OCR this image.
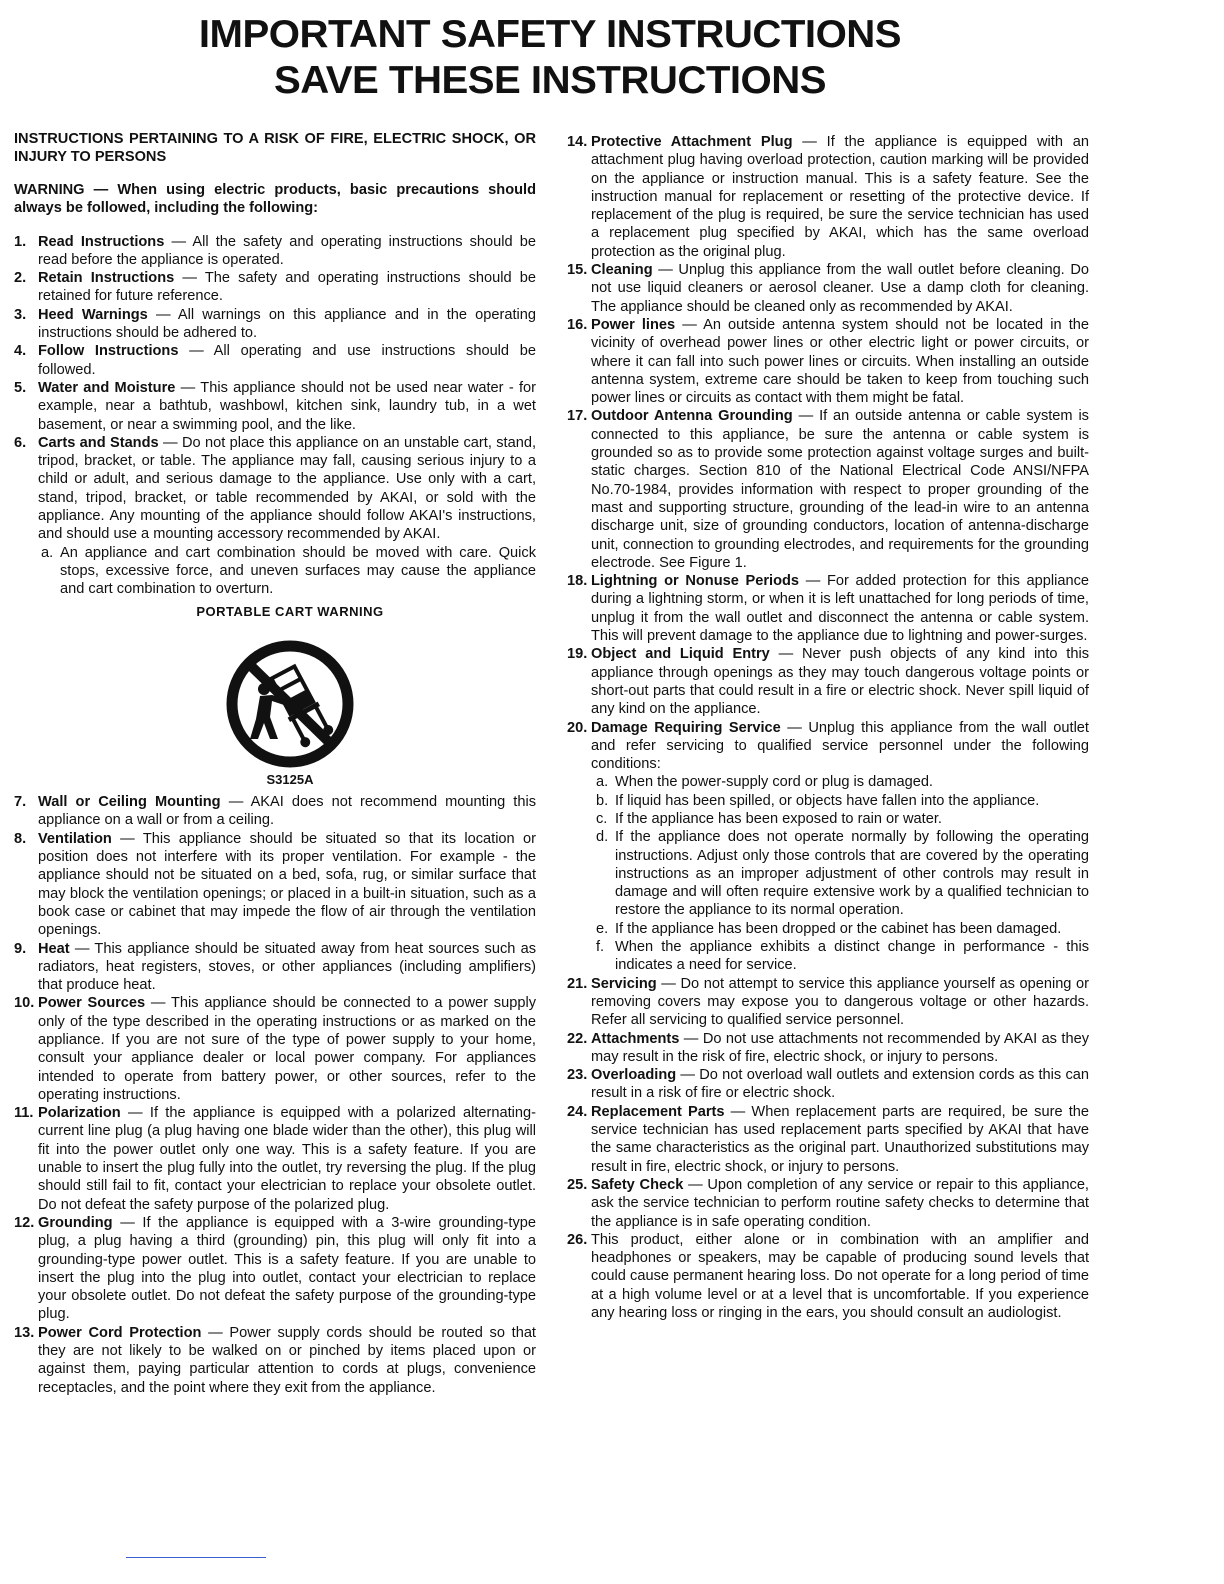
IMPORTANT SAFETY INSTRUCTIONS
SAVE THESE INSTRUCTIONS
INSTRUCTIONS PERTAINING TO A RISK OF FIRE, ELECTRIC SHOCK, OR INJURY TO PERSONS
WARNING — When using electric products, basic precautions should always be followed, including the following:
1. Read Instructions — All the safety and operating instructions should be read before the appliance is operated.
2. Retain Instructions — The safety and operating instructions should be retained for future reference.
3. Heed Warnings — All warnings on this appliance and in the operating instructions should be adhered to.
4. Follow Instructions — All operating and use instructions should be followed.
5. Water and Moisture — This appliance should not be used near water - for example, near a bathtub, washbowl, kitchen sink, laundry tub, in a wet basement, or near a swimming pool, and the like.
6. Carts and Stands — Do not place this appliance on an unstable cart, stand, tripod, bracket, or table. The appliance may fall, causing serious injury to a child or adult, and serious damage to the appliance. Use only with a cart, stand, tripod, bracket, or table recommended by AKAI, or sold with the appliance. Any mounting of the appliance should follow AKAI's instructions, and should use a mounting accessory recommended by AKAI.
a. An appliance and cart combination should be moved with care. Quick stops, excessive force, and uneven surfaces may cause the appliance and cart combination to overturn.
PORTABLE CART WARNING
S3125A
7. Wall or Ceiling Mounting — AKAI does not recommend mounting this appliance on a wall or from a ceiling.
8. Ventilation — This appliance should be situated so that its location or position does not interfere with its proper ventilation. For example - the appliance should not be situated on a bed, sofa, rug, or similar surface that may block the ventilation openings; or placed in a built-in situation, such as a book case or cabinet that may impede the flow of air through the ventilation openings.
9. Heat — This appliance should be situated away from heat sources such as radiators, heat registers, stoves, or other appliances (including amplifiers) that produce heat.
10. Power Sources — This appliance should be connected to a power supply only of the type described in the operating instructions or as marked on the appliance. If you are not sure of the type of power supply to your home, consult your appliance dealer or local power company. For appliances intended to operate from battery power, or other sources, refer to the operating instructions.
11. Polarization — If the appliance is equipped with a polarized alternating-current line plug (a plug having one blade wider than the other), this plug will fit into the power outlet only one way. This is a safety feature. If you are unable to insert the plug fully into the outlet, try reversing the plug. If the plug should still fail to fit, contact your electrician to replace your obsolete outlet. Do not defeat the safety purpose of the polarized plug.
12. Grounding — If the appliance is equipped with a 3-wire grounding-type plug, a plug having a third (grounding) pin, this plug will only fit into a grounding-type power outlet. This is a safety feature. If you are unable to insert the plug into the plug into outlet, contact your electrician to replace your obsolete outlet. Do not defeat the safety purpose of the grounding-type plug.
13. Power Cord Protection — Power supply cords should be routed so that they are not likely to be walked on or pinched by items placed upon or against them, paying particular attention to cords at plugs, convenience receptacles, and the point where they exit from the appliance.
14. Protective Attachment Plug — If the appliance is equipped with an attachment plug having overload protection, caution marking will be provided on the appliance or instruction manual. This is a safety feature. See the instruction manual for replacement or resetting of the protective device. If replacement of the plug is required, be sure the service technician has used a replacement plug specified by AKAI, which has the same overload protection as the original plug.
15. Cleaning — Unplug this appliance from the wall outlet before cleaning. Do not use liquid cleaners or aerosol cleaner. Use a damp cloth for cleaning. The appliance should be cleaned only as recommended by AKAI.
16. Power lines — An outside antenna system should not be located in the vicinity of overhead power lines or other electric light or power circuits, or where it can fall into such power lines or circuits. When installing an outside antenna system, extreme care should be taken to keep from touching such power lines or circuits as contact with them might be fatal.
17. Outdoor Antenna Grounding — If an outside antenna or cable system is connected to this appliance, be sure the antenna or cable system is grounded so as to provide some protection against voltage surges and built-static charges. Section 810 of the National Electrical Code ANSI/NFPA No.70-1984, provides information with respect to proper grounding of the mast and supporting structure, grounding of the lead-in wire to an antenna discharge unit, size of grounding conductors, location of antenna-discharge unit, connection to grounding electrodes, and requirements for the grounding electrode. See Figure 1.
18. Lightning or Nonuse Periods — For added protection for this appliance during a lightning storm, or when it is left unattached for long periods of time, unplug it from the wall outlet and disconnect the antenna or cable system. This will prevent damage to the appliance due to lightning and power-surges.
19. Object and Liquid Entry — Never push objects of any kind into this appliance through openings as they may touch dangerous voltage points or short-out parts that could result in a fire or electric shock. Never spill liquid of any kind on the appliance.
20. Damage Requiring Service — Unplug this appliance from the wall outlet and refer servicing to qualified service personnel under the following conditions:
a. When the power-supply cord or plug is damaged.
b. If liquid has been spilled, or objects have fallen into the appliance.
c. If the appliance has been exposed to rain or water.
d. If the appliance does not operate normally by following the operating instructions. Adjust only those controls that are covered by the operating instructions as an improper adjustment of other controls may result in damage and will often require extensive work by a qualified technician to restore the appliance to its normal operation.
e. If the appliance has been dropped or the cabinet has been damaged.
f. When the appliance exhibits a distinct change in performance - this indicates a need for service.
21. Servicing — Do not attempt to service this appliance yourself as opening or removing covers may expose you to dangerous voltage or other hazards. Refer all servicing to qualified service personnel.
22. Attachments — Do not use attachments not recommended by AKAI as they may result in the risk of fire, electric shock, or injury to persons.
23. Overloading — Do not overload wall outlets and extension cords as this can result in a risk of fire or electric shock.
24. Replacement Parts — When replacement parts are required, be sure the service technician has used replacement parts specified by AKAI that have the same characteristics as the original part. Unauthorized substitutions may result in fire, electric shock, or injury to persons.
25. Safety Check — Upon completion of any service or repair to this appliance, ask the service technician to perform routine safety checks to determine that the appliance is in safe operating condition.
26. This product, either alone or in combination with an amplifier and headphones or speakers, may be capable of producing sound levels that could cause permanent hearing loss. Do not operate for a long period of time at a high volume level or at a level that is uncomfortable. If you experience any hearing loss or ringing in the ears, you should consult an audiologist.
